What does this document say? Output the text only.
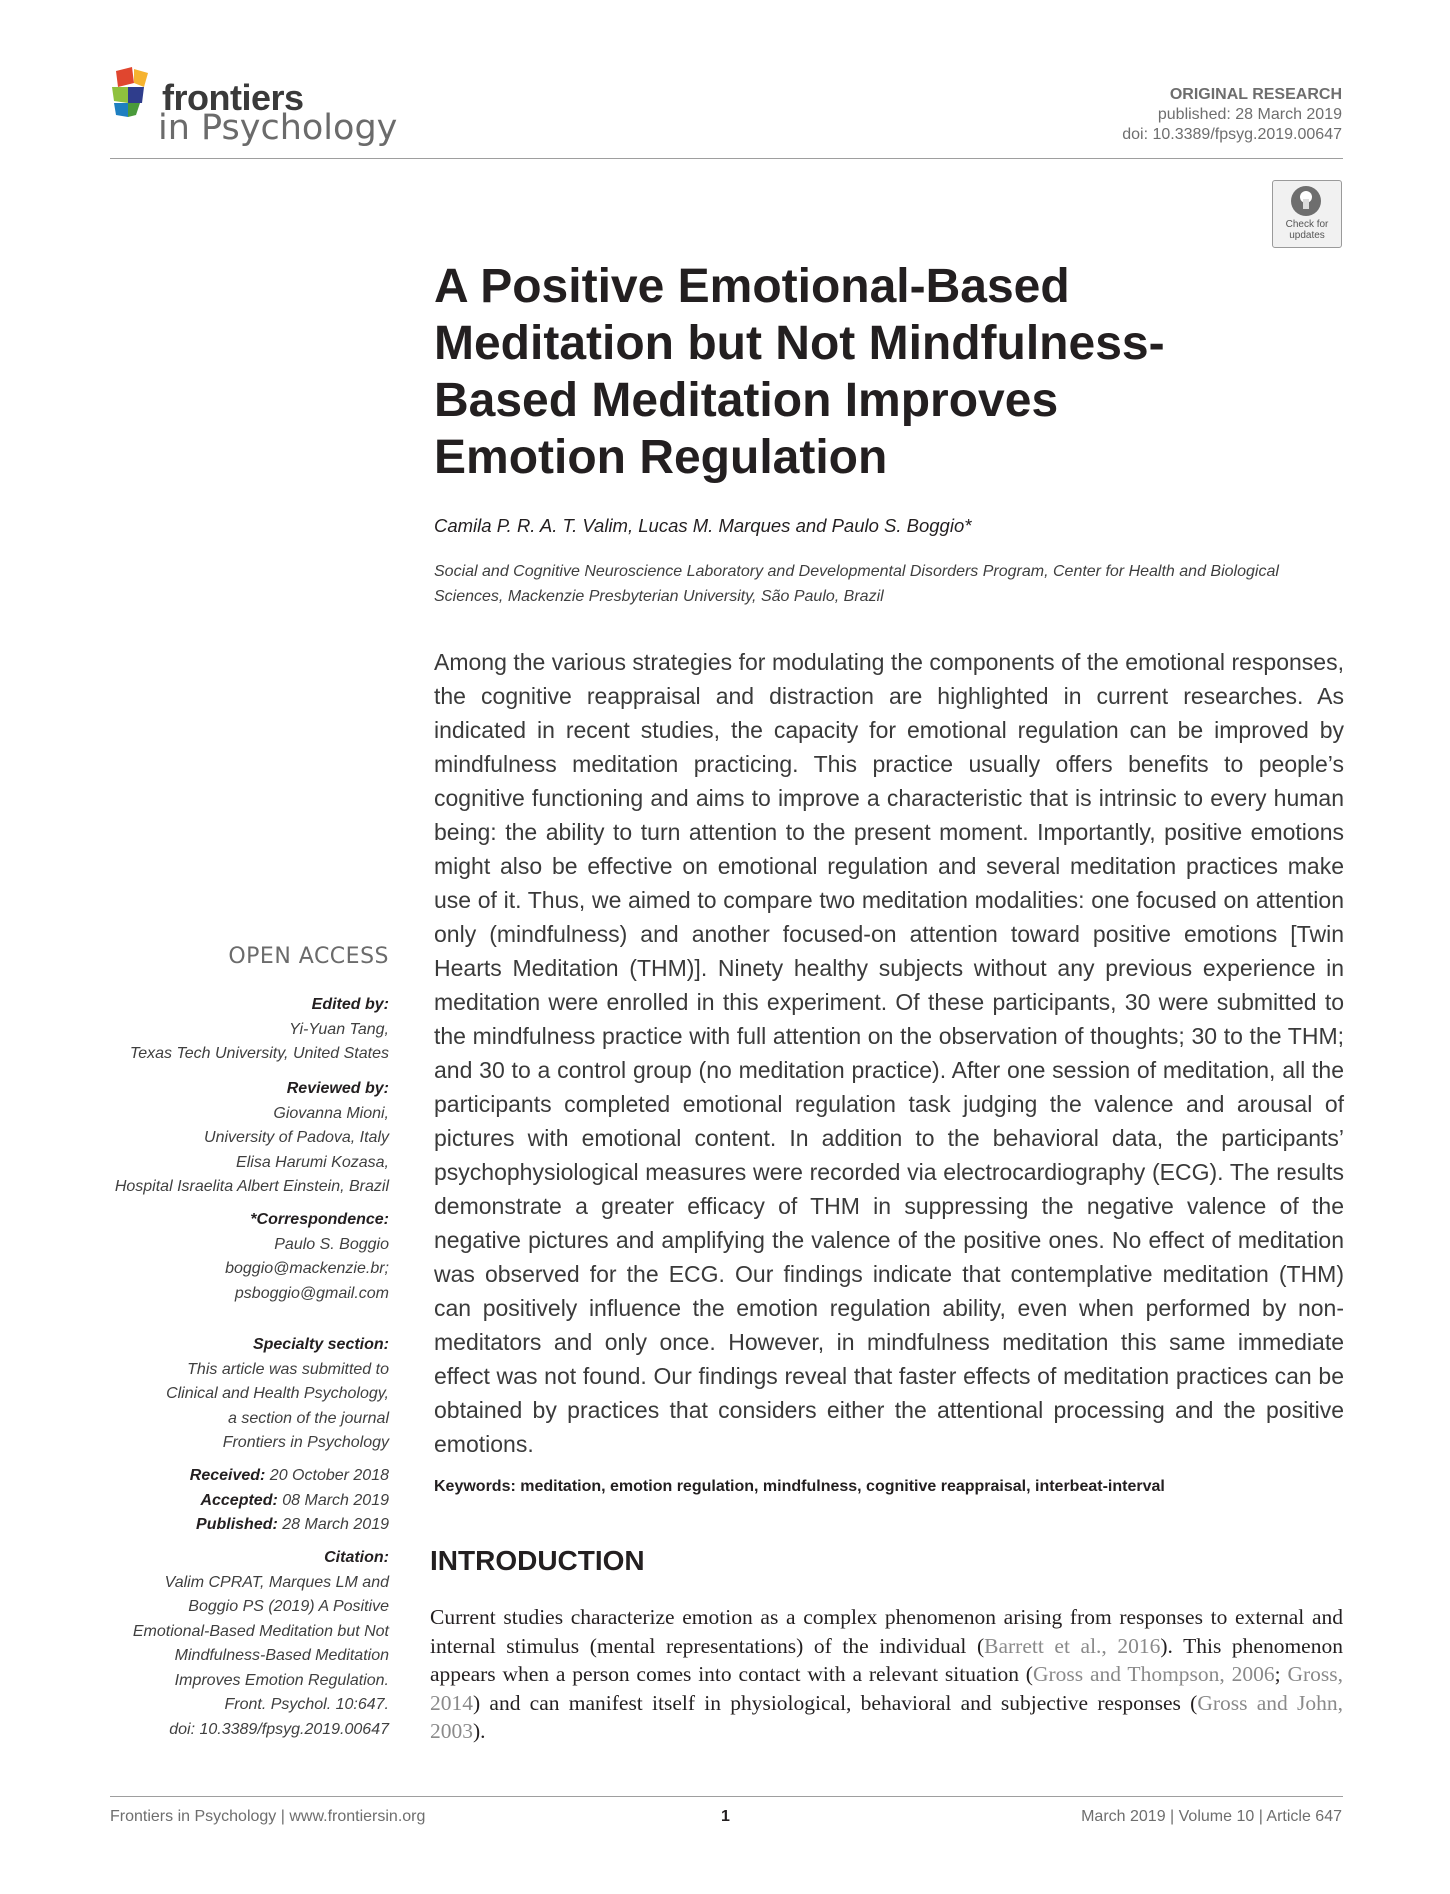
frontiers
in Psychology
ORIGINAL RESEARCH
published: 28 March 2019
doi: 10.3389/fpsyg.2019.00647
Check for
updates
A Positive Emotional-Based Meditation but Not Mindfulness-Based Meditation Improves Emotion Regulation
Camila P. R. A. T. Valim, Lucas M. Marques and Paulo S. Boggio*
Social and Cognitive Neuroscience Laboratory and Developmental Disorders Program, Center for Health and Biological Sciences, Mackenzie Presbyterian University, São Paulo, Brazil

Among the various strategies for modulating the components of the emotional responses, the cognitive reappraisal and distraction are highlighted in current researches. As indicated in recent studies, the capacity for emotional regulation can be improved by mindfulness meditation practicing. This practice usually offers benefits to people’s cognitive functioning and aims to improve a characteristic that is intrinsic to every human being: the ability to turn attention to the present moment. Importantly, positive emotions might also be effective on emotional regulation and several meditation practices make use of it. Thus, we aimed to compare two meditation modalities: one focused on attention only (mindfulness) and another focused-on attention toward positive emotions [Twin Hearts Meditation (THM)]. Ninety healthy subjects without any previous experience in meditation were enrolled in this experiment. Of these participants, 30 were submitted to the mindfulness practice with full attention on the observation of thoughts; 30 to the THM; and 30 to a control group (no meditation practice). After one session of meditation, all the participants completed emotional regulation task judging the valence and arousal of pictures with emotional content. In addition to the behavioral data, the participants’ psychophysiological measures were recorded via electrocardiography (ECG). The results demonstrate a greater efficacy of THM in suppressing the negative valence of the negative pictures and amplifying the valence of the positive ones. No effect of meditation was observed for the ECG. Our findings indicate that contemplative meditation (THM) can positively influence the emotion regulation ability, even when performed by non-meditators and only once. However, in mindfulness meditation this same immediate effect was not found. Our findings reveal that faster effects of meditation practices can be obtained by practices that considers either the attentional processing and the positive emotions.

Keywords: meditation, emotion regulation, mindfulness, cognitive reappraisal, interbeat-interval
INTRODUCTION

Current studies characterize emotion as a complex phenomenon arising from responses to external and internal stimulus (mental representations) of the individual (Barrett et al., 2016). This phenomenon appears when a person comes into contact with a relevant situation (Gross and Thompson, 2006; Gross, 2014) and can manifest itself in physiological, behavioral and subjective responses (Gross and John, 2003).

OPEN ACCESS
Edited by:
Yi-Yuan Tang,
Texas Tech University, United States
Reviewed by:
Giovanna Mioni,
University of Padova, Italy
Elisa Harumi Kozasa,
Hospital Israelita Albert Einstein, Brazil
*Correspondence:
Paulo S. Boggio
boggio@mackenzie.br;
psboggio@gmail.com
Specialty section:
This article was submitted to
Clinical and Health Psychology,
a section of the journal
Frontiers in Psychology
Received: 20 October 2018
Accepted: 08 March 2019
Published: 28 March 2019
Citation:
Valim CPRAT, Marques LM and
Boggio PS (2019) A Positive
Emotional-Based Meditation but Not
Mindfulness-Based Meditation
Improves Emotion Regulation.
Front. Psychol. 10:647.
doi: 10.3389/fpsyg.2019.00647
Frontiers in Psychology | www.frontiersin.org	1	March 2019 | Volume 10 | Article 647
